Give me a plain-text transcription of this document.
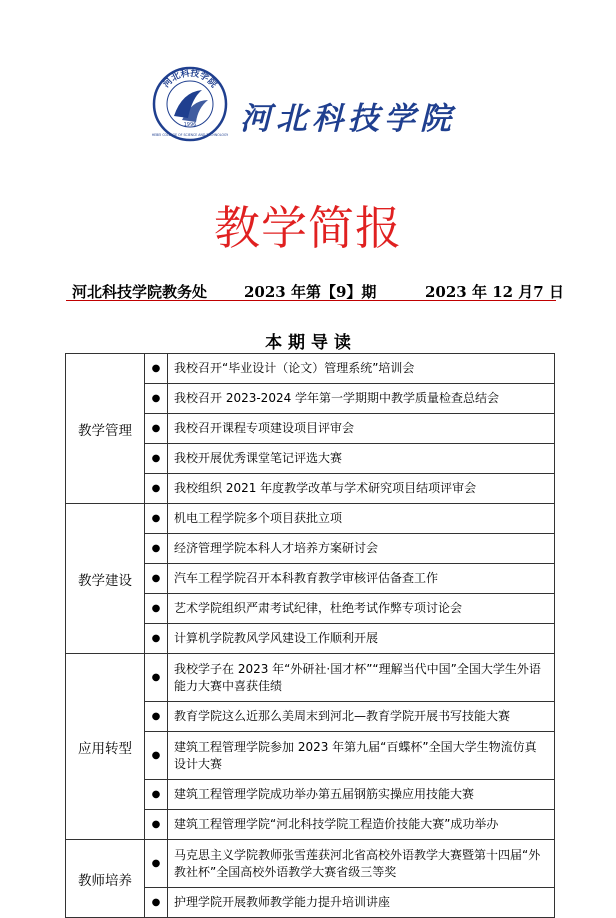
河北科技学院
1996
HEBEI COLLEGE OF SCIENCE AND TECHNOLOGY 河北科技学院
教学简报
河北科技学院教务处 2023 年第【9】期	2023 年 12 月7 日
本 期 导 读
教学管理	●	我校召开“毕业设计（论文）管理系统”培训会
	●	我校召开 2023-2024 学年第一学期期中教学质量检查总结会
	●	我校召开课程专项建设项目评审会
	●	我校开展优秀课堂笔记评选大赛
	●	我校组织 2021 年度教学改革与学术研究项目结项评审会
教学建设	●	机电工程学院多个项目获批立项
	●	经济管理学院本科人才培养方案研讨会
	●	汽车工程学院召开本科教育教学审核评估备查工作
	●	艺术学院组织严肃考试纪律，杜绝考试作弊专项讨论会
	●	计算机学院教风学风建设工作顺利开展
应用转型	●	我校学子在 2023 年“外研社·国才杯”“理解当代中国”全国大学生外语能力大赛中喜获佳绩
	●	教育学院这么近那么美周末到河北—教育学院开展书写技能大赛
	●	建筑工程管理学院参加 2023 年第九届“百蝶杯”全国大学生物流仿真设计大赛
	●	建筑工程管理学院成功举办第五届钢筋实操应用技能大赛
	●	建筑工程管理学院“河北科技学院工程造价技能大赛”成功举办
教师培养	●	马克思主义学院教师张雪莲获河北省高校外语教学大赛暨第十四届“外教社杯”全国高校外语教学大赛省级三等奖
	●	护理学院开展教师教学能力提升培训讲座
